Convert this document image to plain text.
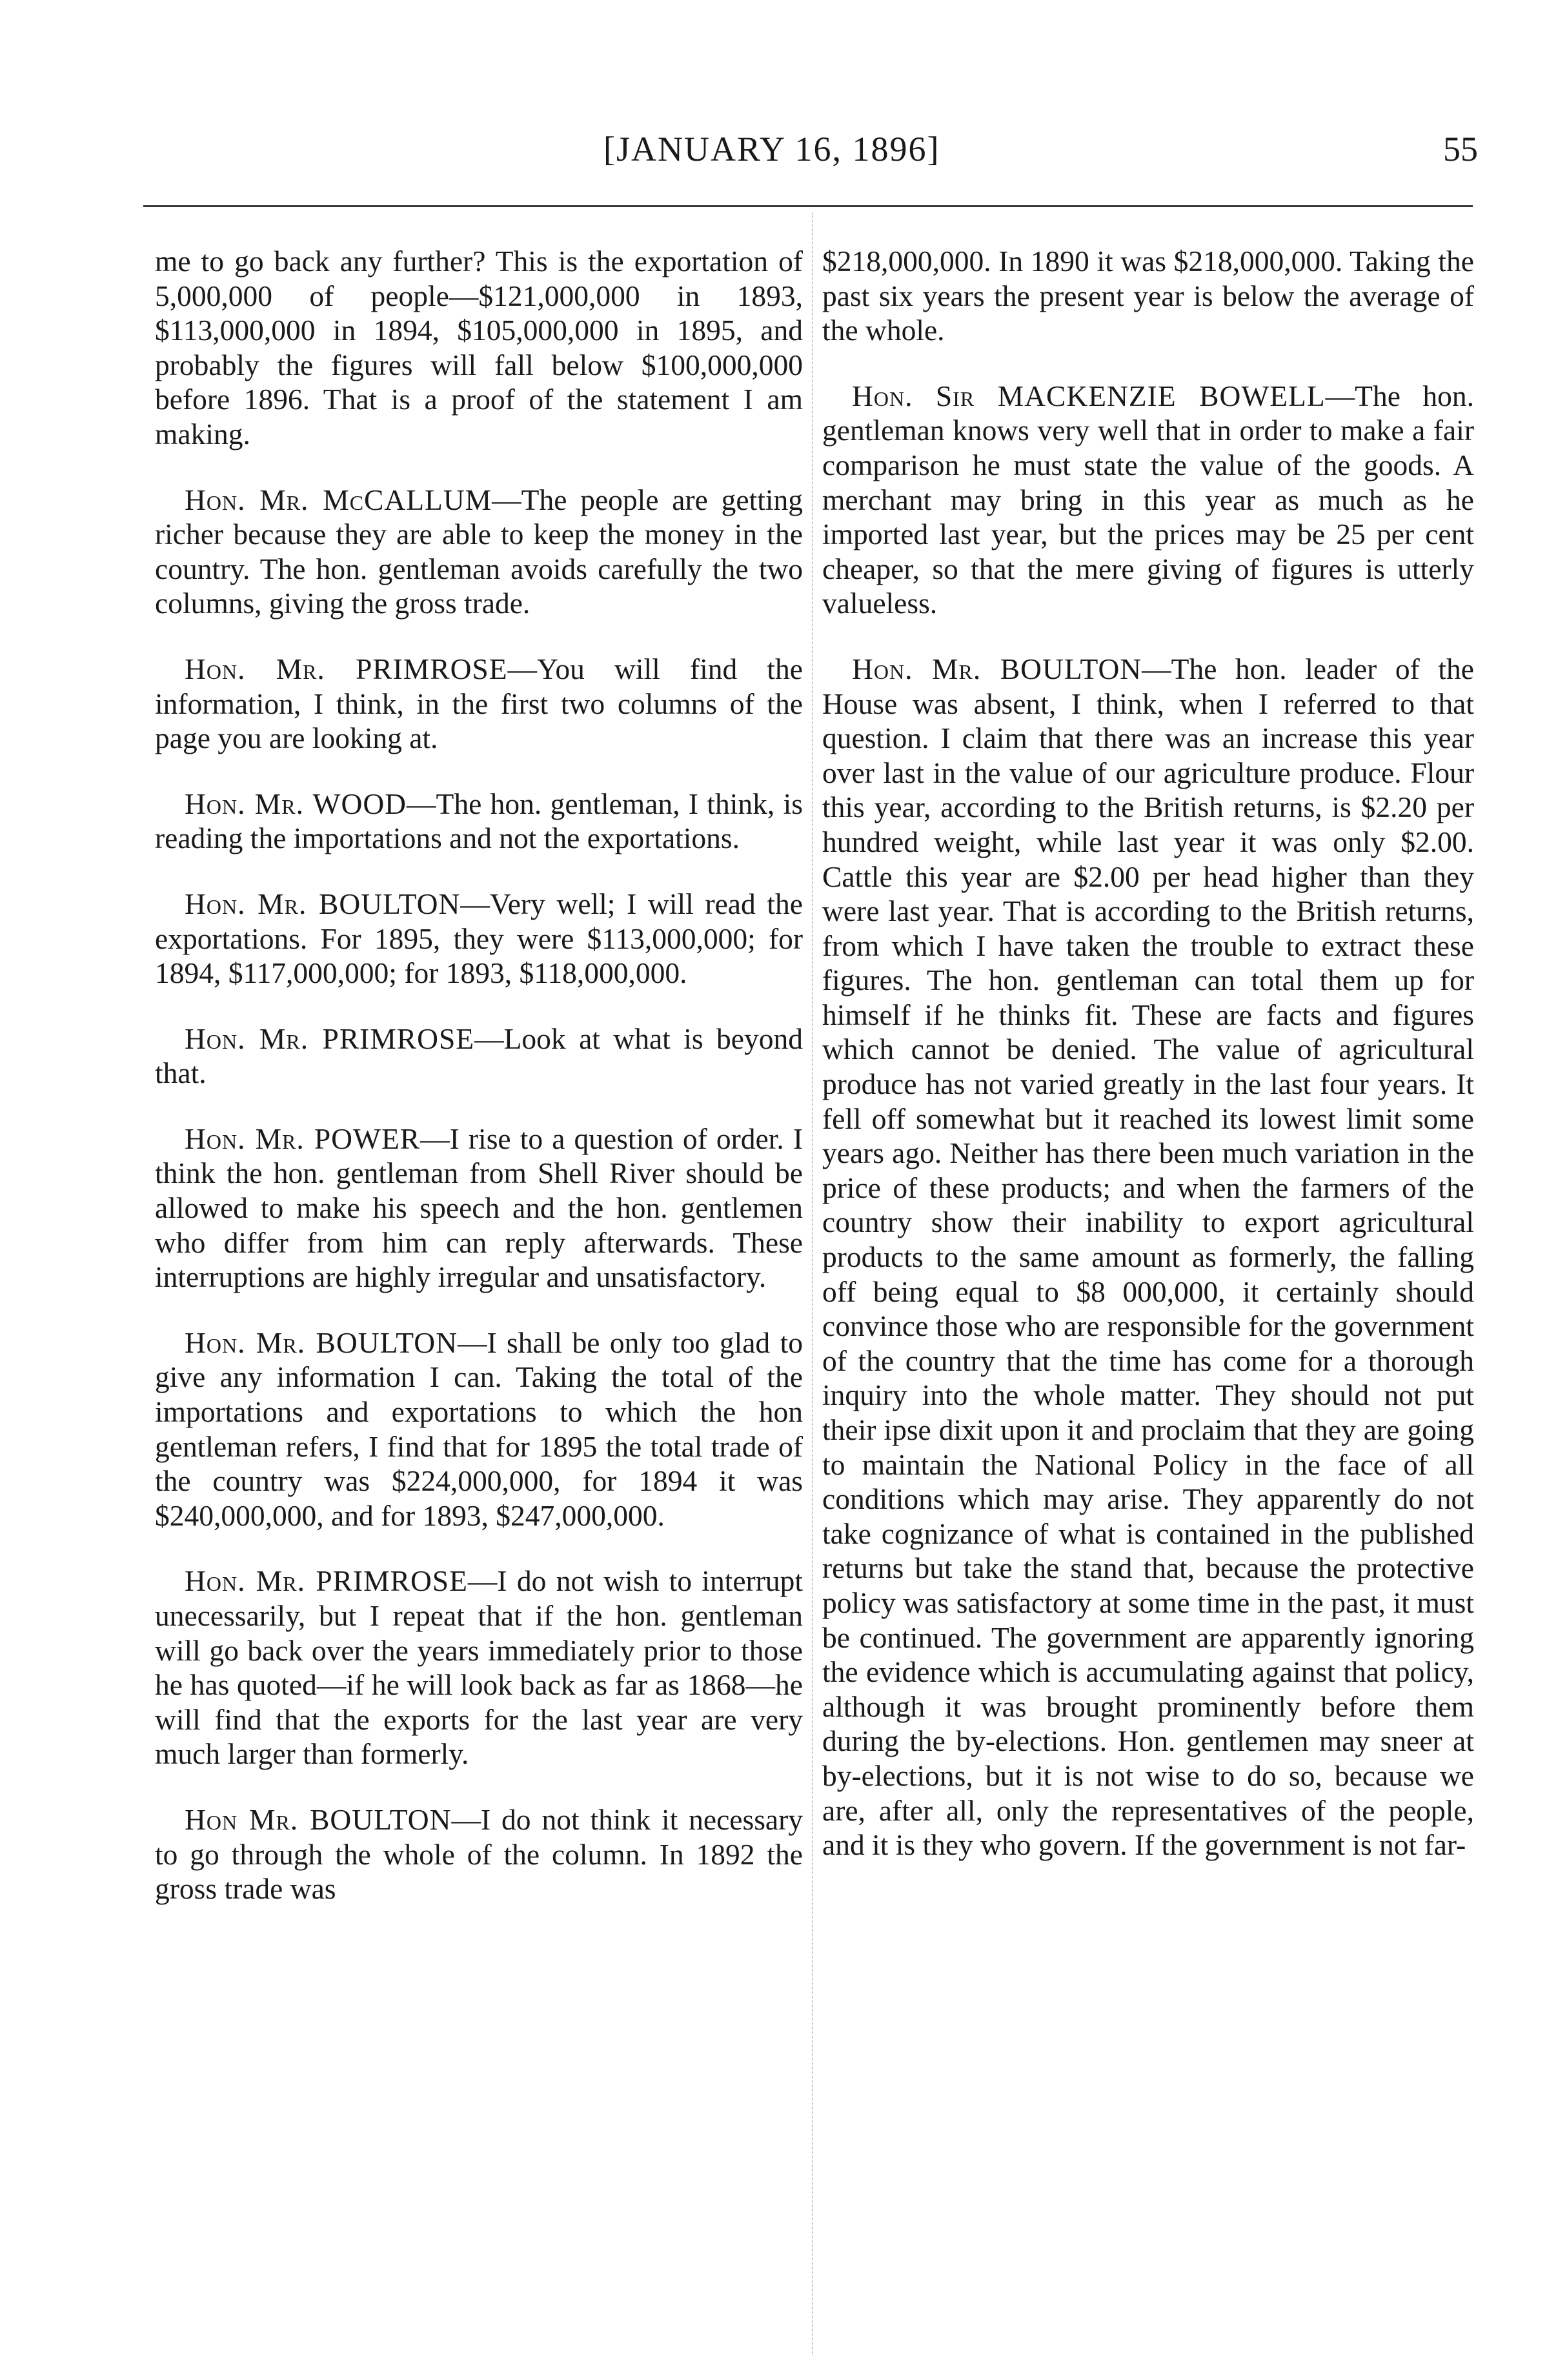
[JANUARY 16, 1896]	55

me to go back any further? This is the exportation of 5,000,000 of people—$121,000,000 in 1893, $113,000,000 in 1894, $105,000,000 in 1895, and probably the figures will fall below $100,000,000 before 1896. That is a proof of the statement I am making.

Hon. Mr. McCALLUM—The people are getting richer because they are able to keep the money in the country. The hon. gentleman avoids carefully the two columns, giving the gross trade.

Hon. Mr. PRIMROSE—You will find the information, I think, in the first two columns of the page you are looking at.

Hon. Mr. WOOD—The hon. gentleman, I think, is reading the importations and not the exportations.

Hon. Mr. BOULTON—Very well; I will read the exportations. For 1895, they were $113,000,000; for 1894, $117,000,000; for 1893, $118,000,000.

Hon. Mr. PRIMROSE—Look at what is beyond that.

Hon. Mr. POWER—I rise to a question of order. I think the hon. gentleman from Shell River should be allowed to make his speech and the hon. gentlemen who differ from him can reply afterwards. These interruptions are highly irregular and unsatisfactory.

Hon. Mr. BOULTON—I shall be only too glad to give any information I can. Taking the total of the importations and exportations to which the hon gentleman refers, I find that for 1895 the total trade of the country was $224,000,000, for 1894 it was $240,000,000, and for 1893, $247,000,000.

Hon. Mr. PRIMROSE—I do not wish to interrupt unecessarily, but I repeat that if the hon. gentleman will go back over the years immediately prior to those he has quoted—if he will look back as far as 1868—he will find that the exports for the last year are very much larger than formerly.

Hon Mr. BOULTON—I do not think it necessary to go through the whole of the column. In 1892 the gross trade was

$218,000,000. In 1890 it was $218,000,000. Taking the past six years the present year is below the average of the whole.

Hon. Sir MACKENZIE BOWELL—The hon. gentleman knows very well that in order to make a fair comparison he must state the value of the goods. A merchant may bring in this year as much as he imported last year, but the prices may be 25 per cent cheaper, so that the mere giving of figures is utterly valueless.

Hon. Mr. BOULTON—The hon. leader of the House was absent, I think, when I referred to that question. I claim that there was an increase this year over last in the value of our agriculture produce. Flour this year, according to the British returns, is $2.20 per hundred weight, while last year it was only $2.00. Cattle this year are $2.00 per head higher than they were last year. That is according to the British returns, from which I have taken the trouble to extract these figures. The hon. gentleman can total them up for himself if he thinks fit. These are facts and figures which cannot be denied. The value of agricultural produce has not varied greatly in the last four years. It fell off somewhat but it reached its lowest limit some years ago. Neither has there been much variation in the price of these products; and when the farmers of the country show their inability to export agricultural products to the same amount as formerly, the falling off being equal to $8 000,000, it certainly should convince those who are responsible for the government of the country that the time has come for a thorough inquiry into the whole matter. They should not put their ipse dixit upon it and proclaim that they are going to maintain the National Policy in the face of all conditions which may arise. They apparently do not take cognizance of what is contained in the published returns but take the stand that, because the protective policy was satisfactory at some time in the past, it must be continued. The government are apparently ignoring the evidence which is accumulating against that policy, although it was brought prominently before them during the by-elections. Hon. gentlemen may sneer at by-elections, but it is not wise to do so, because we are, after all, only the representatives of the people, and it is they who govern. If the government is not far-
